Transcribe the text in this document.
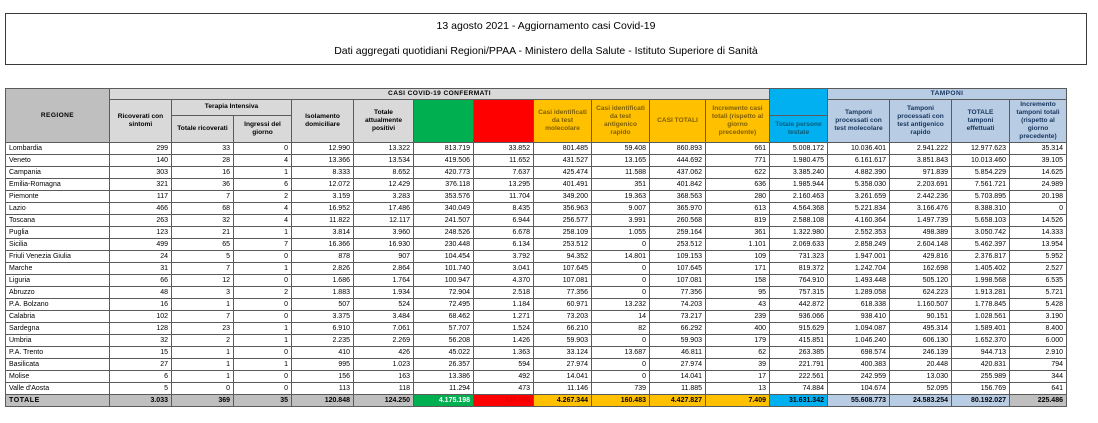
13 agosto 2021 - Aggiornamento casi Covid-19
Dati aggregati quotidiani Regioni/PPAA - Ministero della Salute - Istituto Superiore di Sanità
REGIONE	CASI COVID-19 CONFERMATI												TAMPONI			
	Ricoverati con sintomi	Terapia Intensiva		Isolamento domiciliare	Totale attualmente positivi	DIMESSI GUARITI	DECEDUTI	Casi identificati da test molecolare	Casi identificati da test antigenico rapido	CASI TOTALI	Incremento casi totali (rispetto al giorno precedente)		Tamponi processati con test molecolare	Tamponi processati con test antigenico rapido	TOTALE tamponi effettuati	Incremento tamponi totali (rispetto al giorno precedente)
		Totale ricoverati	Ingressi del giorno									Totale persone testate				
Lombardia	299	33	0	12.990	13.322	813.719	33.852	801.485	59.408	860.893	661	5.008.172	10.036.401	2.941.222	12.977.623	35.314
Veneto	140	28	4	13.366	13.534	419.506	11.652	431.527	13.165	444.692	771	1.980.475	6.161.617	3.851.843	10.013.460	39.105
Campania	303	16	1	8.333	8.652	420.773	7.637	425.474	11.588	437.062	622	3.385.240	4.882.390	971.839	5.854.229	14.625
Emilia-Romagna	321	36	6	12.072	12.429	376.118	13.295	401.491	351	401.842	636	1.985.944	5.358.030	2.203.691	7.561.721	24.989
Piemonte	117	7	2	3.159	3.283	353.576	11.704	349.200	19.363	368.563	280	2.160.463	3.261.659	2.442.236	5.703.895	20.198
Lazio	466	68	4	16.952	17.486	340.049	8.435	356.963	9.007	365.970	613	4.564.368	5.221.834	3.166.476	8.388.310	0
Toscana	263	32	4	11.822	12.117	241.507	6.944	256.577	3.991	260.568	819	2.588.108	4.160.364	1.497.739	5.658.103	14.526
Puglia	123	21	1	3.814	3.960	248.526	6.678	258.109	1.055	259.164	361	1.322.980	2.552.353	498.389	3.050.742	14.333
Sicilia	499	65	7	16.366	16.930	230.448	6.134	253.512	0	253.512	1.101	2.069.633	2.858.249	2.604.148	5.462.397	13.954
Friuli Venezia Giulia	24	5	0	878	907	104.454	3.792	94.352	14.801	109.153	109	731.323	1.947.001	429.816	2.376.817	5.952
Marche	31	7	1	2.826	2.864	101.740	3.041	107.645	0	107.645	171	819.372	1.242.704	162.698	1.405.402	2.527
Liguria	66	12	0	1.686	1.764	100.947	4.370	107.081	0	107.081	158	764.910	1.493.448	505.120	1.998.568	6.535
Abruzzo	48	3	2	1.883	1.934	72.904	2.518	77.356	0	77.356	95	757.315	1.289.058	624.223	1.913.281	5.721
P.A. Bolzano	16	1	0	507	524	72.495	1.184	60.971	13.232	74.203	43	442.872	618.338	1.160.507	1.778.845	5.428
Calabria	102	7	0	3.375	3.484	68.462	1.271	73.203	14	73.217	239	936.066	938.410	90.151	1.028.561	3.190
Sardegna	128	23	1	6.910	7.061	57.707	1.524	66.210	82	66.292	400	915.629	1.094.087	495.314	1.589.401	8.400
Umbria	32	2	1	2.235	2.269	56.208	1.426	59.903	0	59.903	179	415.851	1.046.240	606.130	1.652.370	6.000
P.A. Trento	15	1	0	410	426	45.022	1.363	33.124	13.687	46.811	62	263.385	698.574	246.139	944.713	2.910
Basilicata	27	1	1	995	1.023	26.357	594	27.974	0	27.974	39	221.791	400.383	20.448	420.831	794
Molise	6	1	0	156	163	13.386	492	14.041	0	14.041	17	222.561	242.959	13.030	255.989	344
Valle d'Aosta	5	0	0	113	118	11.294	473	11.146	739	11.885	13	74.884	104.674	52.095	156.769	641
TOTALE	3.033	369	35	120.848	124.250	4.175.198	128.379	4.267.344	160.483	4.427.827	7.409	31.631.342	55.608.773	24.583.254	80.192.027	225.486
